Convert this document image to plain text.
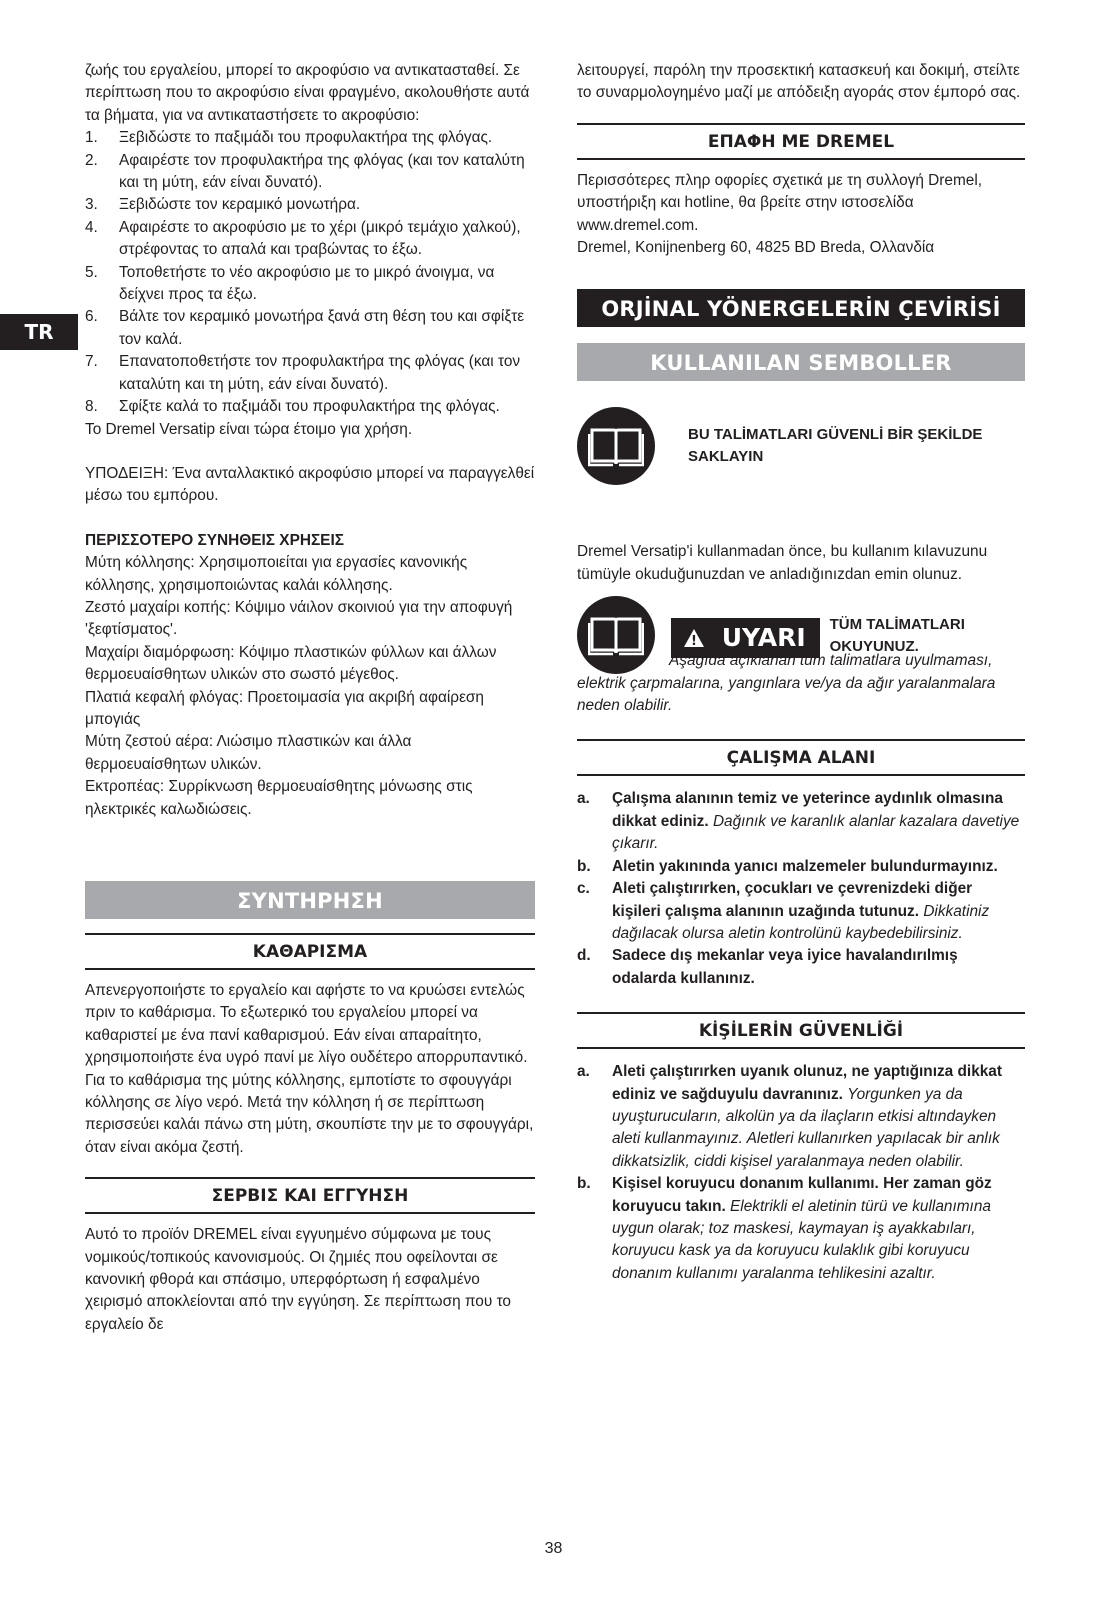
TR

ζωής του εργαλείου, μπορεί το ακροφύσιο να αντικατασταθεί. Σε περίπτωση που το ακροφύσιο είναι φραγμένο, ακολουθήστε αυτά τα βήματα, για να αντικαταστήσετε το ακροφύσιο:

1. Ξεβιδώστε το παξιμάδι του προφυλακτήρα της φλόγας.
2. Αφαιρέστε τον προφυλακτήρα της φλόγας (και τον καταλύτη και τη μύτη, εάν είναι δυνατό).
3. Ξεβιδώστε τον κεραμικό μονωτήρα.
4. Αφαιρέστε το ακροφύσιο με το χέρι (μικρό τεμάχιο χαλκού), στρέφοντας το απαλά και τραβώντας το έξω.
5. Τοποθετήστε το νέο ακροφύσιο με το μικρό άνοιγμα, να δείχνει προς τα έξω.
6. Βάλτε τον κεραμικό μονωτήρα ξανά στη θέση του και σφίξτε τον καλά.
7. Επανατοποθετήστε τον προφυλακτήρα της φλόγας (και τον καταλύτη και τη μύτη, εάν είναι δυνατό).
8. Σφίξτε καλά το παξιμάδι του προφυλακτήρα της φλόγας.

Το Dremel Versatip είναι τώρα έτοιμο για χρήση.

ΥΠΟΔΕΙΞΗ: Ένα ανταλλακτικό ακροφύσιο μπορεί να παραγγελθεί μέσω του εμπόρου.

ΠΕΡΙΣΣΟΤΕΡΟ ΣΥΝΗΘΕΙΣ ΧΡΗΣΕΙΣ

Μύτη κόλλησης: Χρησιμοποιείται για εργασίες κανονικής κόλλησης, χρησιμοποιώντας καλάι κόλλησης.

Ζεστό μαχαίρι κοπής: Κόψιμο νάιλον σκοινιού για την αποφυγή 'ξεφτίσματος'.

Μαχαίρι διαμόρφωση: Κόψιμο πλαστικών φύλλων και άλλων θερμοευαίσθητων υλικών στο σωστό μέγεθος.

Πλατιά κεφαλή φλόγας: Προετοιμασία για ακριβή αφαίρεση μπογιάς

Μύτη ζεστού αέρα: Λιώσιμο πλαστικών και άλλα θερμοευαίσθητων υλικών.

Εκτροπέας: Συρρίκνωση θερμοευαίσθητης μόνωσης στις ηλεκτρικές καλωδιώσεις.

ΣΥΝΤΗΡΗΣΗ
ΚΑΘΑΡΙΣΜΑ

Απενεργοποιήστε το εργαλείο και αφήστε το να κρυώσει εντελώς πριν το καθάρισμα. Το εξωτερικό του εργαλείου μπορεί να καθαριστεί με ένα πανί καθαρισμού. Εάν είναι απαραίτητο, χρησιμοποιήστε ένα υγρό πανί με λίγο ουδέτερο απορρυπαντικό.

Για το καθάρισμα της μύτης κόλλησης, εμποτίστε το σφουγγάρι κόλλησης σε λίγο νερό. Μετά την κόλληση ή σε περίπτωση περισσεύει καλάι πάνω στη μύτη, σκουπίστε την με το σφουγγάρι, όταν είναι ακόμα ζεστή.

ΣΕΡΒΙΣ ΚΑΙ ΕΓΓΥΗΣΗ

Αυτό το προϊόν DREMEL είναι εγγυημένο σύμφωνα με τους νομικούς/τοπικούς κανονισμούς. Οι ζημιές που οφείλονται σε κανονική φθορά και σπάσιμο, υπερφόρτωση ή εσφαλμένο χειρισμό αποκλείονται από την εγγύηση. Σε περίπτωση που το εργαλείο δε

λειτουργεί, παρόλη την προσεκτική κατασκευή και δοκιμή, στείλτε το συναρμολογημένο μαζί με απόδειξη αγοράς στον έμπορό σας.

ΕΠΑΦΗ ΜΕ DREMEL

Περισσότερες πληρ οφορίες σχετικά με τη συλλογή Dremel, υποστήριξη και hotline, θα βρείτε στην ιστοσελίδα www.dremel.com.

Dremel, Konijnenberg 60, 4825 BD Breda, Ολλανδία

ORJİNAL YÖNERGELERİN ÇEVİRİSİ
KULLANILAN SEMBOLLER

BU TALİMATLARI GÜVENLİ BİR ŞEKİLDE SAKLAYIN

Dremel Versatip'i kullanmadan önce, bu kullanım kılavuzunu tümüyle okuduğunuzdan ve anladığınızdan emin olunuz.

! UYARI	TÜM TALİMATLARI OKUYUNUZ.

Aşağıda açıklanan tüm talimatlara uyulmaması, elektrik çarpmalarına, yangınlara ve/ya da ağır yaralanmalara neden olabilir.

ÇALIŞMA ALANI
a. Çalışma alanının temiz ve yeterince aydınlık olmasına dikkat ediniz. Dağınık ve karanlık alanlar kazalara davetiye çıkarır.
b. Aletin yakınında yanıcı malzemeler bulundurmayınız.
c. Aleti çalıştırırken, çocukları ve çevrenizdeki diğer kişileri çalışma alanının uzağında tutunuz. Dikkatiniz dağılacak olursa aletin kontrolünü kaybedebilirsiniz.
d. Sadece dış mekanlar veya iyice havalandırılmış odalarda kullanınız.
KİŞİLERİN GÜVENLİĞİ
a. Aleti çalıştırırken uyanık olunuz, ne yaptığınıza dikkat ediniz ve sağduyulu davranınız. Yorgunken ya da uyuşturucuların, alkolün ya da ilaçların etkisi altındayken aleti kullanmayınız. Aletleri kullanırken yapılacak bir anlık dikkatsizlik, ciddi kişisel yaralanmaya neden olabilir.
b. Kişisel koruyucu donanım kullanımı. Her zaman göz koruyucu takın. Elektrikli el aletinin türü ve kullanımına uygun olarak; toz maskesi, kaymayan iş ayakkabıları, koruyucu kask ya da koruyucu kulaklık gibi koruyucu donanım kullanımı yaralanma tehlikesini azaltır.
38
